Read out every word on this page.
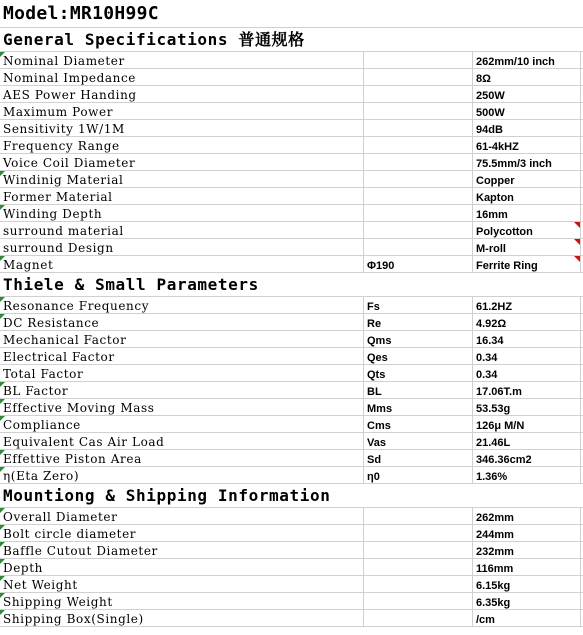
Model:MR10H99C
General Specifications 普通规格
Nominal Diameter	262mm/10 inch
Nominal Impedance	8Ω
AES Power Handing	250W
Maximum Power	500W
Sensitivity 1W/1M	94dB
Frequency Range	61-4kHZ
Voice Coil Diameter	75.5mm/3 inch
Windinig Material	Copper
Former Material	Kapton
Winding Depth	16mm
surround material	Polycotton
surround Design	M-roll
Magnet	Φ190	Ferrite Ring
Thiele & Small Parameters
Resonance Frequency	Fs	61.2HZ
DC Resistance	Re	4.92Ω
Mechanical Factor	Qms	16.34
Electrical Factor	Qes	0.34
Total Factor	Qts	0.34
BL Factor	BL	17.06T.m
Effective Moving Mass	Mms	53.53g
Compliance	Cms	126μ M/N
Equivalent Cas Air Load	Vas	21.46L
Effettive Piston Area	Sd	346.36cm2
η(Eta Zero)	η0	1.36%
Mountiong & Shipping Information
Overall Diameter	262mm
Bolt circle diameter	244mm
Baffle Cutout Diameter	232mm
Depth	116mm
Net Weight	6.15kg
Shipping Weight	6.35kg
Shipping Box(Single)	/cm
